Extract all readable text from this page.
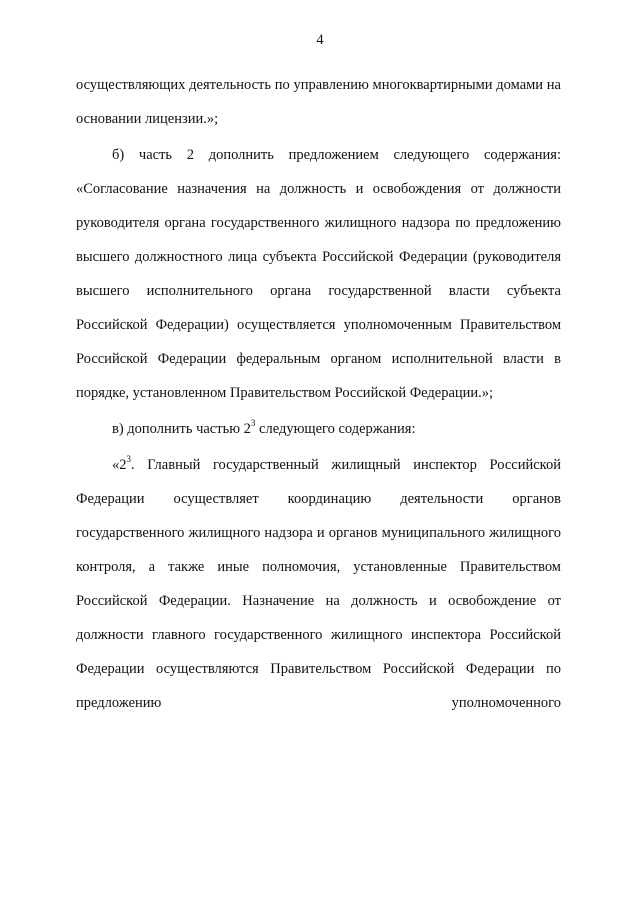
4

осуществляющих деятельность по управлению многоквартирными домами на основании лицензии.»;

б) часть 2 дополнить предложением следующего содержания: «Согласование назначения на должность и освобождения от должности руководителя органа государственного жилищного надзора по предложению высшего должностного лица субъекта Российской Федерации (руководителя высшего исполнительного органа государственной власти субъекта Российской Федерации) осуществляется уполномоченным Правительством Российской Федерации федеральным органом исполнительной власти в порядке, установленном Правительством Российской Федерации.»;

в) дополнить частью $2^3$ следующего содержания:

«$2^3$. Главный государственный жилищный инспектор Российской Федерации осуществляет координацию деятельности органов государственного жилищного надзора и органов муниципального жилищного контроля, а также иные полномочия, установленные Правительством Российской Федерации. Назначение на должность и освобождение от должности главного государственного жилищного инспектора Российской Федерации осуществляются Правительством Российской Федерации по предложению уполномоченного
